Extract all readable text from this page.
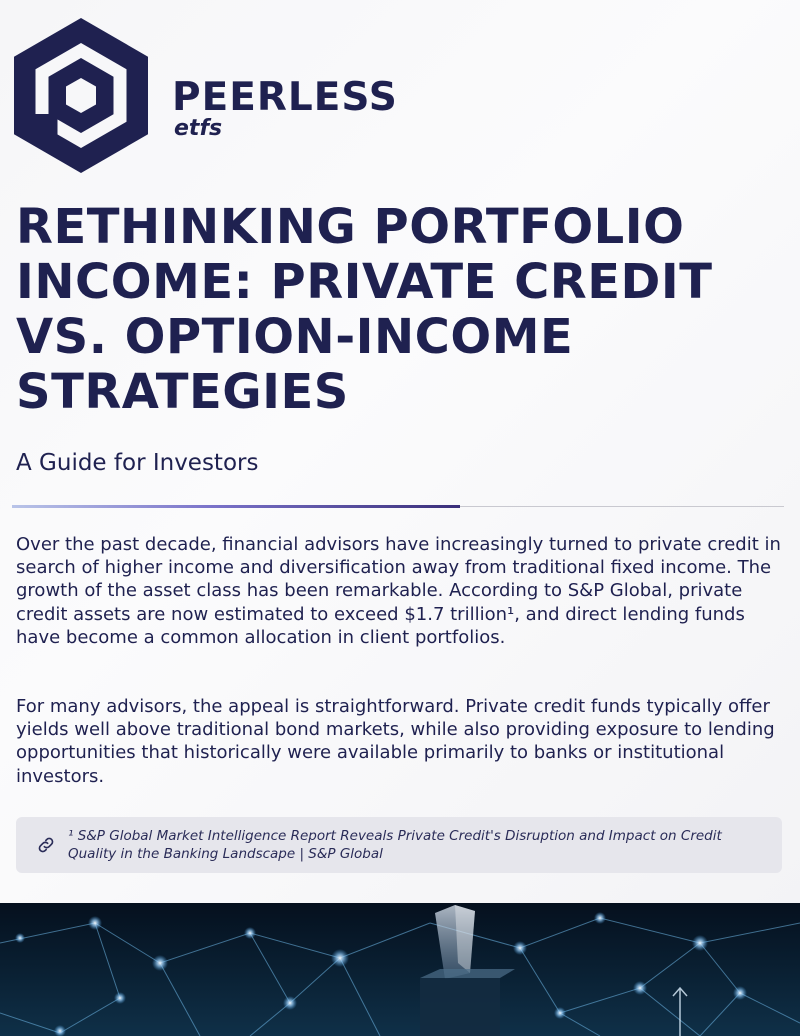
PEERLESS
etfs
RETHINKING PORTFOLIO INCOME: PRIVATE CREDIT VS. OPTION-INCOME STRATEGIES
A Guide for Investors

Over the past decade, financial advisors have increasingly turned to private credit in search of higher income and diversification away from traditional fixed income. The growth of the asset class has been remarkable. According to S&P Global, private credit assets are now estimated to exceed $1.7 trillion¹, and direct lending funds have become a common allocation in client portfolios.

For many advisors, the appeal is straightforward. Private credit funds typically offer yields well above traditional bond markets, while also providing exposure to lending opportunities that historically were available primarily to banks or institutional investors.

¹ S&P Global Market Intelligence Report Reveals Private Credit's Disruption and Impact on Credit Quality in the Banking Landscape | S&P Global
